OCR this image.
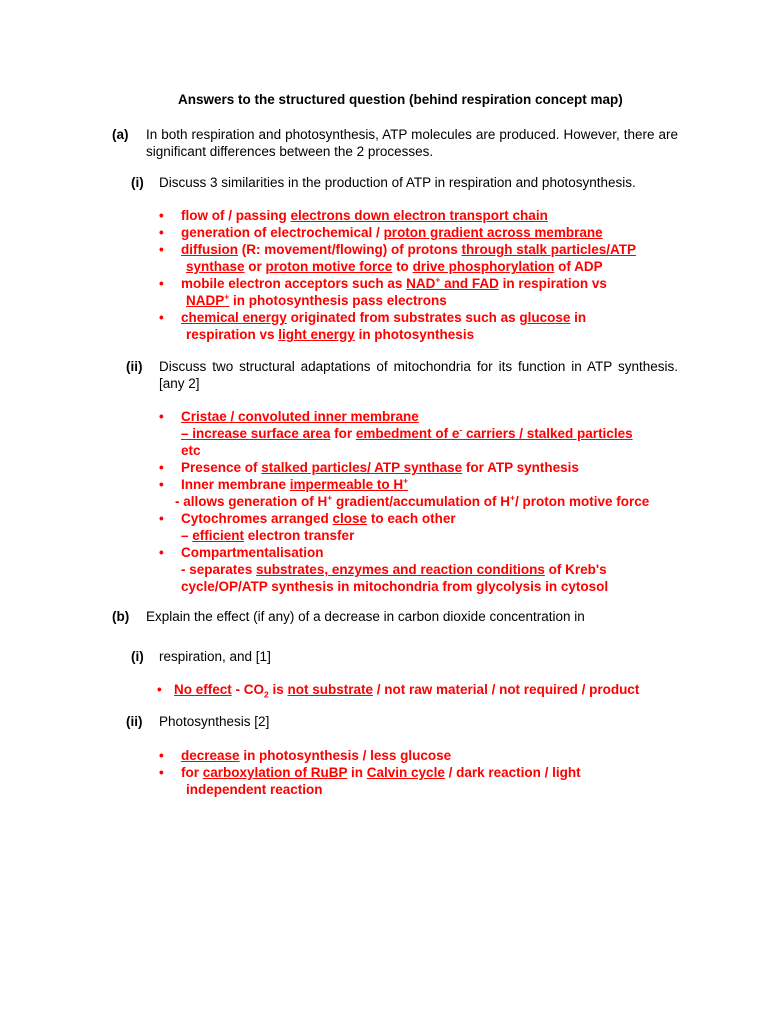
Answers to the structured question (behind respiration concept map)
(a) In both respiration and photosynthesis, ATP molecules are produced. However, there are significant differences between the 2 processes.
(i) Discuss 3 similarities in the production of ATP in respiration and photosynthesis.
• flow of / passing electrons down electron transport chain
• generation of electrochemical / proton gradient across membrane
• diffusion (R: movement/flowing) of protons through stalk particles/ATP
synthase or proton motive force to drive phosphorylation of ADP
• mobile electron acceptors such as NAD+ and FAD in respiration vs
NADP+ in photosynthesis pass electrons
• chemical energy originated from substrates such as glucose in
respiration vs light energy in photosynthesis
(ii) Discuss two structural adaptations of mitochondria for its function in ATP synthesis. [any 2]
• Cristae / convoluted inner membrane
– increase surface area for embedment of e- carriers / stalked particles
etc
• Presence of stalked particles/ ATP synthase for ATP synthesis
• Inner membrane impermeable to H+
- allows generation of H+ gradient/accumulation of H+/ proton motive force
• Cytochromes arranged close to each other
– efficient electron transfer
• Compartmentalisation
- separates substrates, enzymes and reaction conditions of Kreb's
cycle/OP/ATP synthesis in mitochondria from glycolysis in cytosol
(b) Explain the effect (if any) of a decrease in carbon dioxide concentration in
(i) respiration, and [1]
• No effect - $CO_2$ is not substrate / not raw material / not required / product
(ii) Photosynthesis [2]
• decrease in photosynthesis / less glucose
• for carboxylation of RuBP in Calvin cycle / dark reaction / light
independent reaction
